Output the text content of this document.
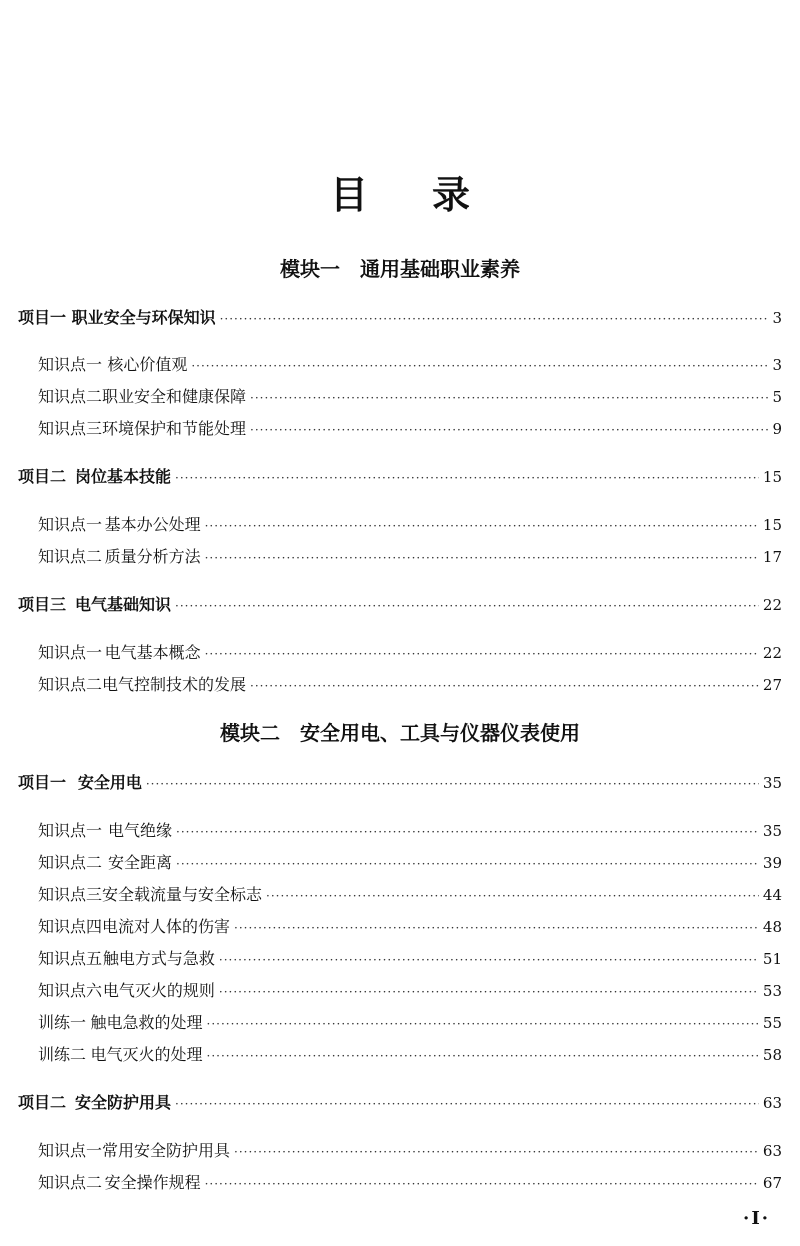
目录
模块一　通用基础职业素养
项目一 职业安全与环保知识 ·····	3
知识点一 核心价值观 ·····	3
知识点二 职业安全和健康保障 ·····	5
知识点三 环境保护和节能处理 ·····	9
项目二 岗位基本技能 ·····	15
知识点一 基本办公处理 ·····	15
知识点二 质量分析方法 ·····	17
项目三 电气基础知识 ·····	22
知识点一 电气基本概念 ·····	22
知识点二 电气控制技术的发展 ·····	27
模块二　安全用电、工具与仪器仪表使用
项目一 安全用电 ·····	35
知识点一 电气绝缘 ·····	35
知识点二 安全距离 ·····	39
知识点三 安全载流量与安全标志 ·····	44
知识点四 电流对人体的伤害 ·····	48
知识点五 触电方式与急救 ·····	51
知识点六 电气灭火的规则 ·····	53
训练一 触电急救的处理 ·····	55
训练二 电气灭火的处理 ·····	58
项目二 安全防护用具 ·····	63
知识点一 常用安全防护用具 ·····	63
知识点二 安全操作规程 ·····	67
·Ⅰ·
